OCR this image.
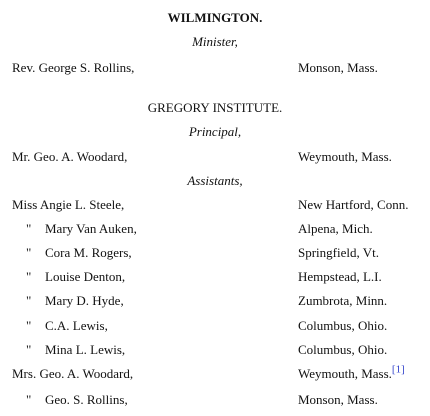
WILMINGTON.
Minister,
Rev. George S. Rollins,	Monson, Mass.
GREGORY INSTITUTE.
Principal,
Mr. Geo. A. Woodard,	Weymouth, Mass.
Assistants,
Miss Angie L. Steele,	New Hartford, Conn.
" Mary Van Auken,	Alpena, Mich.
" Cora M. Rogers,	Springfield, Vt.
" Louise Denton,	Hempstead, L.I.
" Mary D. Hyde,	Zumbrota, Minn.
" C.A. Lewis,	Columbus, Ohio.
" Mina L. Lewis,	Columbus, Ohio.
Mrs. Geo. A. Woodard,	Weymouth, Mass.[1]
" Geo. S. Rollins,	Monson, Mass.
